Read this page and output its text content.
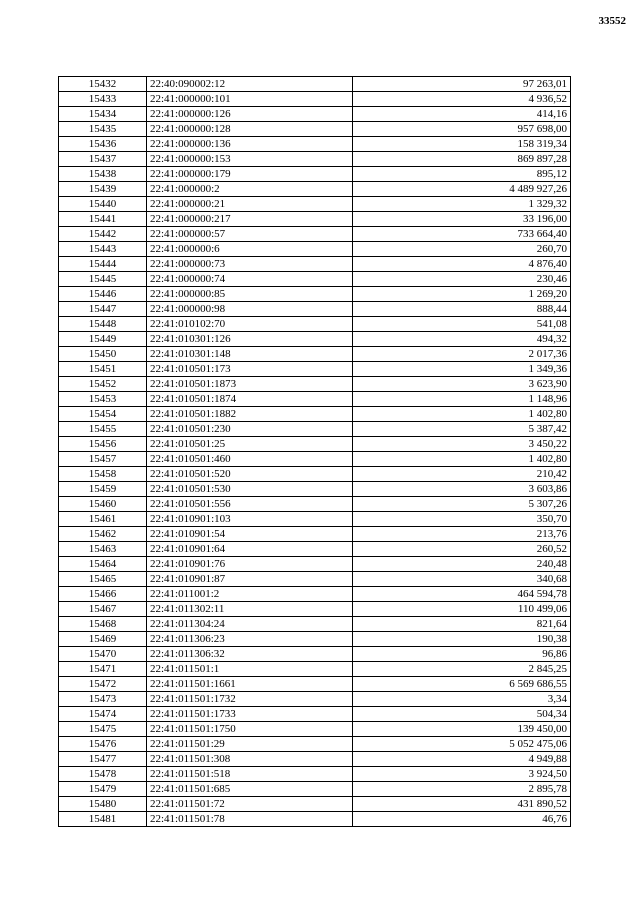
33552
15432	22:40:090002:12	97 263,01
15433	22:41:000000:101	4 936,52
15434	22:41:000000:126	414,16
15435	22:41:000000:128	957 698,00
15436	22:41:000000:136	158 319,34
15437	22:41:000000:153	869 897,28
15438	22:41:000000:179	895,12
15439	22:41:000000:2	4 489 927,26
15440	22:41:000000:21	1 329,32
15441	22:41:000000:217	33 196,00
15442	22:41:000000:57	733 664,40
15443	22:41:000000:6	260,70
15444	22:41:000000:73	4 876,40
15445	22:41:000000:74	230,46
15446	22:41:000000:85	1 269,20
15447	22:41:000000:98	888,44
15448	22:41:010102:70	541,08
15449	22:41:010301:126	494,32
15450	22:41:010301:148	2 017,36
15451	22:41:010501:173	1 349,36
15452	22:41:010501:1873	3 623,90
15453	22:41:010501:1874	1 148,96
15454	22:41:010501:1882	1 402,80
15455	22:41:010501:230	5 387,42
15456	22:41:010501:25	3 450,22
15457	22:41:010501:460	1 402,80
15458	22:41:010501:520	210,42
15459	22:41:010501:530	3 603,86
15460	22:41:010501:556	5 307,26
15461	22:41:010901:103	350,70
15462	22:41:010901:54	213,76
15463	22:41:010901:64	260,52
15464	22:41:010901:76	240,48
15465	22:41:010901:87	340,68
15466	22:41:011001:2	464 594,78
15467	22:41:011302:11	110 499,06
15468	22:41:011304:24	821,64
15469	22:41:011306:23	190,38
15470	22:41:011306:32	96,86
15471	22:41:011501:1	2 845,25
15472	22:41:011501:1661	6 569 686,55
15473	22:41:011501:1732	3,34
15474	22:41:011501:1733	504,34
15475	22:41:011501:1750	139 450,00
15476	22:41:011501:29	5 052 475,06
15477	22:41:011501:308	4 949,88
15478	22:41:011501:518	3 924,50
15479	22:41:011501:685	2 895,78
15480	22:41:011501:72	431 890,52
15481	22:41:011501:78	46,76
